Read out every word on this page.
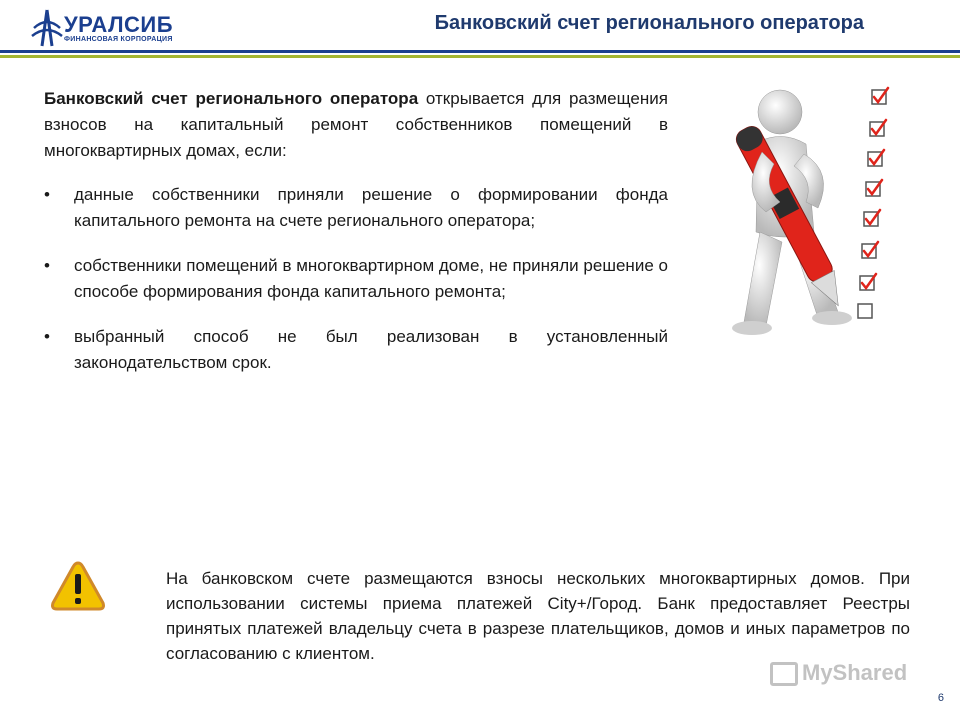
УРАЛСИБ
ФИНАНСОВАЯ КОРПОРАЦИЯ
Банковский счет регионального оператора
Банковский счет регионального оператора открывается для размещения взносов на капитальный ремонт собственников помещений в многоквартирных домах, если:
• данные собственники приняли решение о формировании фонда капитального ремонта на счете регионального оператора;
• собственники помещений в многоквартирном доме, не приняли решение о способе формирования фонда капитального ремонта;
• выбранный способ не был реализован в установленный законодательством срок.
На банковском счете размещаются взносы нескольких многоквартирных домов. При использовании системы приема платежей City+/Город. Банк предоставляет Реестры принятых платежей владельцу счета в разрезе плательщиков, домов и иных параметров по согласованию с клиентом.
MyShared
6
